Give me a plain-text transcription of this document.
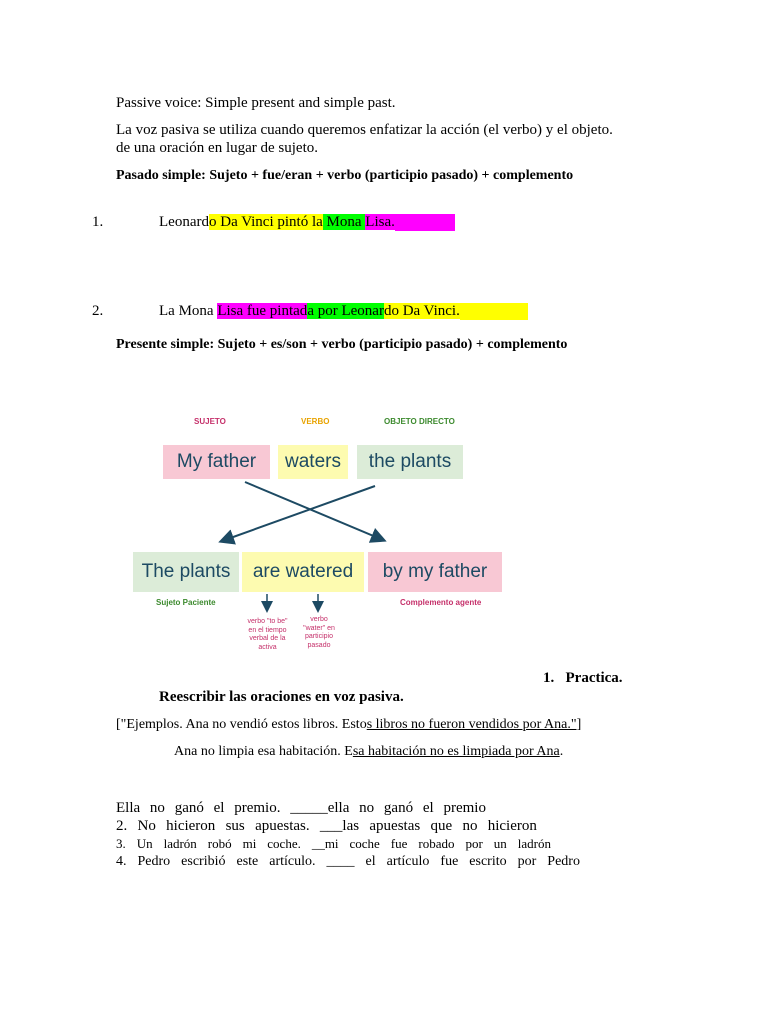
Passive voice: Simple present and simple past.
La voz pasiva se utiliza cuando queremos enfatizar la acción (el verbo) y el objeto.
de una oración en lugar de sujeto.
Pasado simple: Sujeto + fue/eran + verbo (participio pasado) + complemento
1.	Leonardo Da Vinci pintó la Mona Lisa.
2.	La Mona Lisa fue pintada por Leonardo Da Vinci.
Presente simple: Sujeto + es/son + verbo (participio pasado) + complemento
SUJETO	VERBO	OBJETO DIRECTO
My father	waters	the plants
The plants	are watered	by my father
Sujeto Paciente	Complemento agente
verbo "to be"
en el tiempo
verbal de la
activa
verbo
"water" en
participio
pasado
1. Practica.
Reescribir las oraciones en voz pasiva.
["Ejemplos. Ana no vendió estos libros. Estos libros no fueron vendidos por Ana."]
Ana no limpia esa habitación. Esa habitación no es limpiada por Ana.
Ella no ganó el premio. _____ella no ganó el premio
2. No hicieron sus apuestas. ___las apuestas que no hicieron
3. Un ladrón robó mi coche. __mi coche fue robado por un ladrón
4. Pedro escribió este artículo. ____ el artículo fue escrito por Pedro
